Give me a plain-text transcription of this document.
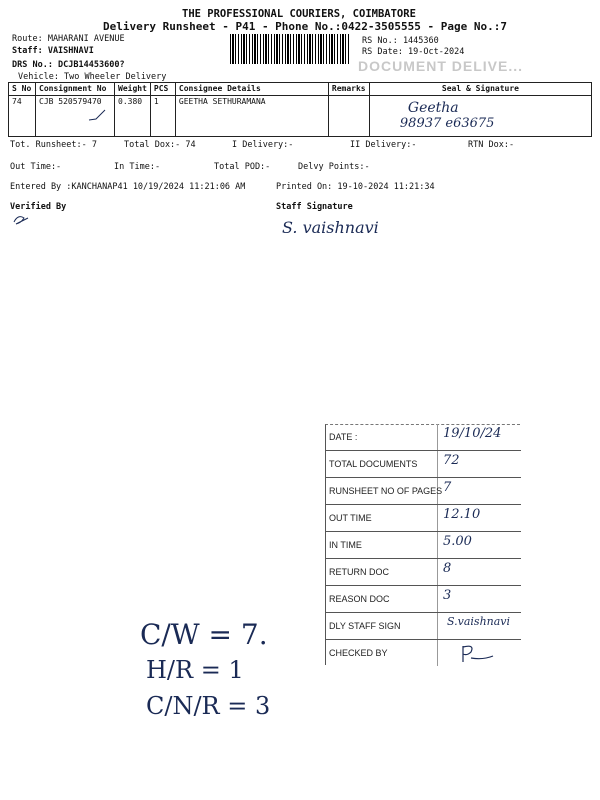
THE PROFESSIONAL COURIERS, COIMBATORE
Delivery Runsheet - P41 - Phone No.:0422-3505555 - Page No.:7
Route: MAHARANI AVENUE
Staff: VAISHNAVI
DRS No.: DCJB14453600?
Vehicle: Two Wheeler Delivery
RS No.: 1445360
RS Date: 19-Oct-2024
DOCUMENT DELIVE...
S No	Consignment No	Weight	PCS	Consignee Details	Remarks	Seal & Signature
74	CJB 520579470	0.380	1	GEETHA SETHURAMANA		Geetha
98937 e63675
Tot. Runsheet:- 7	Total Dox:- 74	I Delivery:-	II Delivery:-	RTN Dox:-
Out Time:-	In Time:-	Total POD:-	Delvy Points:-
Entered By :KANCHANAP41 10/19/2024 11:21:06 AM	Printed On: 19-10-2024 11:21:34
Verified By	Staff Signature
S. vaishnavi
DATE :	19/10/24
TOTAL DOCUMENTS 72
RUNSHEET NO OF PAGES 7
OUT TIME	12.10
IN TIME	5.00
RETURN DOC	8
REASON DOC	3
DLY STAFF SIGN	S.vaishnavi
CHECKED BY
C/W = 7.
H/R = 1
C/N/R = 3
